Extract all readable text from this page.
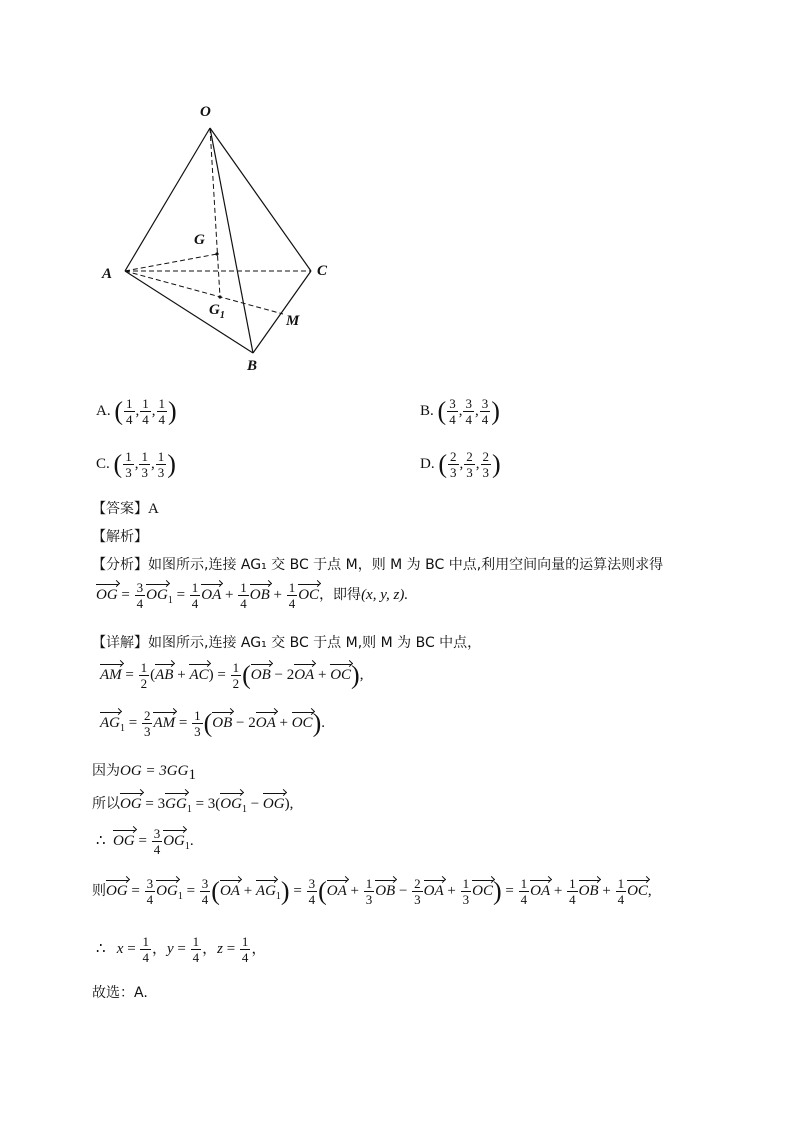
O
A	C
B
G
$G_1$	M
A. ( $\frac{1}{4}$ , $\frac{1}{4}$ , $\frac{1}{4}$ )	B. ( $\frac{3}{4}$ , $\frac{3}{4}$ , $\frac{3}{4}$ )
C. ( $\frac{1}{3}$ , $\frac{1}{3}$ , $\frac{1}{3}$ )	D. ( $\frac{2}{3}$ , $\frac{2}{3}$ , $\frac{2}{3}$ )
【答案】A
【解析】
【分析】如图所示,连接 AG₁ 交 BC 于点 M，则 M 为 BC 中点,利用空间向量的运算法则求得
OG = $\frac{3}{4} OG_1 = \frac{1}{4}$ OA + $\frac{1}{4}$ OB + $\frac{1}{4}$ OC，即得(x, y, z).
【详解】如图所示,连接 AG₁ 交 BC 于点 M,则 M 为 BC 中点，
AM = $\frac{1}{2} (AB + AC) = \frac{1}{2} (OB - 2OA + OC)$,
$AG_1 = \frac{2}{3}$ AM = $\frac{1}{3} (OB - 2OA + OC)$.
因为OG = $3GG_1$
所以OG = $3GG_1 = 3(OG_1 - OG)$,
∴ OG = $\frac{3}{4} OG_1$.
则OG = $\frac{3}{4} OG_1 = \frac{3}{4} (OA + AG_1) = \frac{3}{4} (OA + \frac{1}{3}$ OB − $\frac{2}{3}$ OA + $\frac{1}{3} OC) = \frac{1}{4}$ OA + $\frac{1}{4}$ OB + $\frac{1}{4}$ OC,
∴ $x = \frac{1}{4}$ ，$y = \frac{1}{4}$ ，$z = \frac{1}{4}$ ，
故选：A.
